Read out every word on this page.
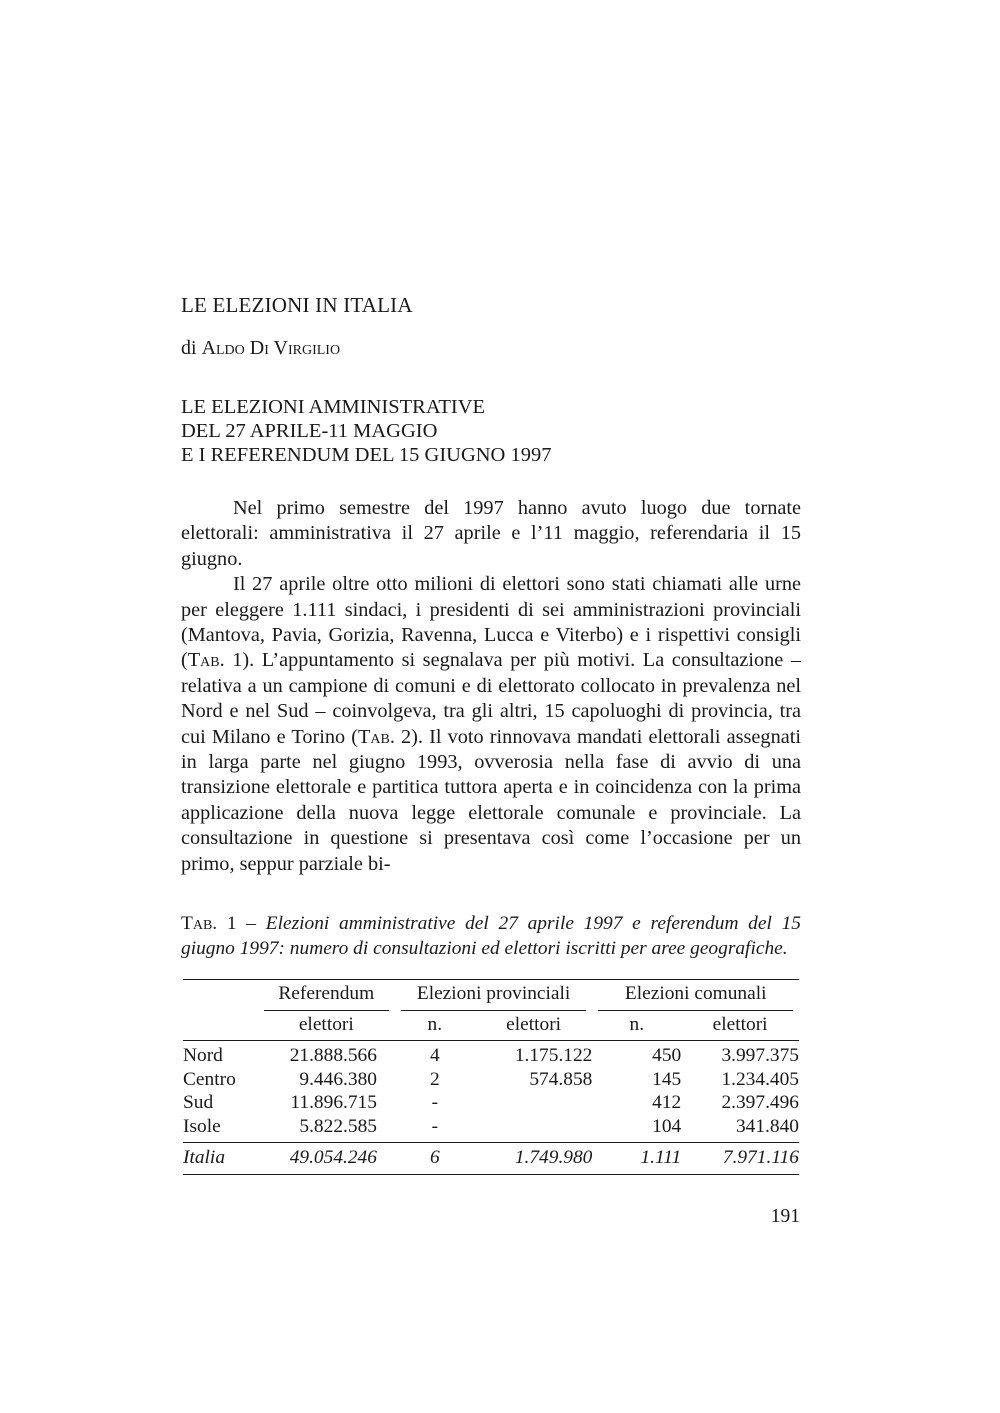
LE ELEZIONI IN ITALIA
di Aldo Di Virgilio
LE ELEZIONI AMMINISTRATIVE
DEL 27 APRILE-11 MAGGIO
E I REFERENDUM DEL 15 GIUGNO 1997

Nel primo semestre del 1997 hanno avuto luogo due tornate elettorali: amministrativa il 27 aprile e l’11 maggio, referendaria il 15 giugno.

Il 27 aprile oltre otto milioni di elettori sono stati chiamati alle urne per eleggere 1.111 sindaci, i presidenti di sei amministrazioni provinciali (Mantova, Pavia, Gorizia, Ravenna, Lucca e Viterbo) e i rispettivi consigli (Tab. 1). L’appuntamento si segnalava per più motivi. La consultazione – relativa a un campione di comuni e di elettorato collocato in prevalenza nel Nord e nel Sud – coinvolgeva, tra gli altri, 15 capoluoghi di provincia, tra cui Milano e Torino (Tab. 2). Il voto rinnovava mandati elettorali assegnati in larga parte nel giugno 1993, ovverosia nella fase di avvio di una transizione elettorale e partitica tuttora aperta e in coincidenza con la prima applicazione della nuova legge elettorale comunale e provinciale. La consultazione in questione si presentava così come l’occasione per un primo, seppur parziale bi-

Tab. 1 – Elezioni amministrative del 27 aprile 1997 e referendum del 15 giugno 1997: numero di consultazioni ed elettori iscritti per aree geografiche.
	Referendum		Elezioni provinciali		Elezioni comunali		

	elettori		n.	elettori	n.		elettori
Nord	21.888.566		4	1.175.122		450	3.997.375
Centro	9.446.380		2	574.858		145	1.234.405
Sud	11.896.715		-			412	2.397.496
Isole	5.822.585		-			104	341.840
Italia	49.054.246		6	1.749.980		1.111	7.971.116
191
